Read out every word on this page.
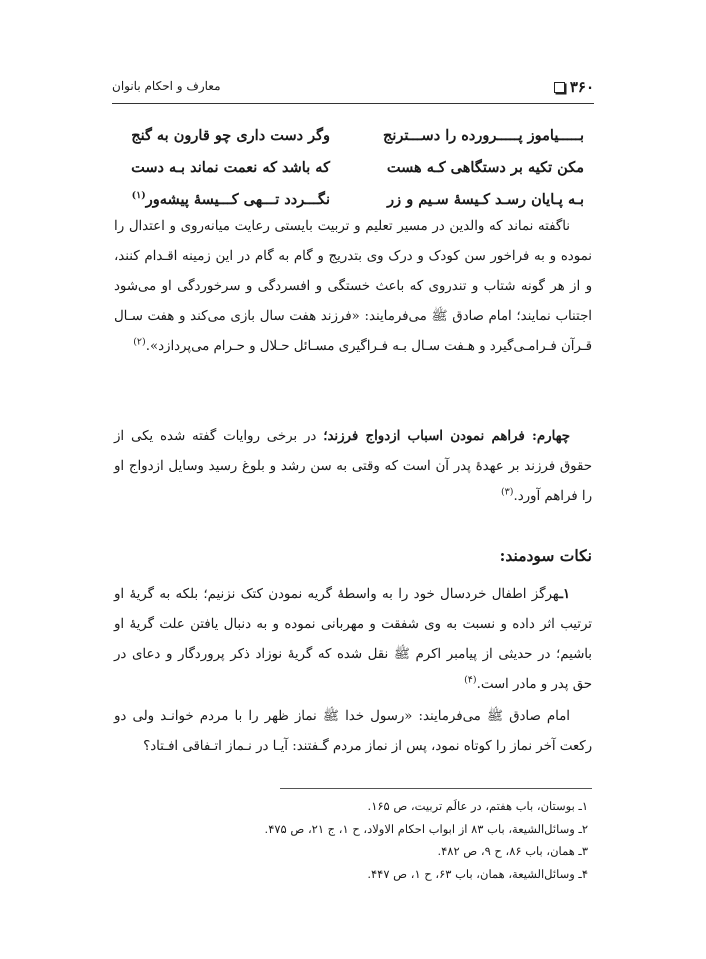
۳۶۰
معارف و احکام بانوان
بـــــیاموز پـــــرورده را دســـترنج
وگر دست داری چو قارون به گنج
مکن تکیه بر دستگاهی کـه هست
که باشد که نعمت نماند بـه دست
بـه پـایان رسـد کـیسهٔ سـیم و زر
نگـــردد تـــهی کـــیسهٔ پیشه‌ور$^{(۱)}$

ناگفته نماند که والدین در مسیر تعلیم و تربیت بایستی رعایت میانه‌روی و اعتدال را نموده و به فراخور سن کودک و درک وی بتدریج و گام به گام در این زمینه اقـدام کنند، و از هر گونه شتاب و تندروی که باعث خستگی و افسردگی و سرخوردگی او می‌شود اجتناب نمایند؛ امام صادق ﷺ می‌فرمایند: «فرزند هفت سال بازی می‌کند و هفت سـال قـرآن فـرامـی‌گیرد و هـفت سـال بـه فـراگیری مسـائل حـلال و حـرام می‌پردازد».$^{(۲)}$

چهارم: فراهم نمودن اسباب ازدواج فرزند؛ در برخی روایات گفته شده یکی از حقوق فرزند بر عهدهٔ پدر آن است که وقتی به سن رشد و بلوغ رسید وسایل ازدواج او را فراهم آورد.$^{(۳)}$

نکات سودمند:

۱ـهرگز اطفال خردسال خود را به واسطهٔ گریه نمودن کتک نزنیم؛ بلکه به گریهٔ او ترتیب اثر داده و نسبت به وی شفقت و مهربانی نموده و به دنبال یافتن علت گریهٔ او باشیم؛ در حدیثی از پیامبر اکرم ﷺ نقل شده که گریهٔ نوزاد ذکر پروردگار و دعای در حق پدر و مادر است.$^{(۴)}$

امام صادق ﷺ می‌فرمایند: «رسول خدا ﷺ نماز ظهر را با مردم خوانـد ولی دو رکعت آخر نماز را کوتاه نمود، پس از نماز مردم گـفتند: آیـا در نـماز اتـفاقی افـتاد؟

۱ـ بوستان، باب هفتم، در عالَم تربیت، ص ۱۶۵.
۲ـ وسائل‌الشیعة، باب ۸۳ از ابواب احکام الاولاد، ح ۱، ج ۲۱، ص ۴۷۵.
۳ـ همان، باب ۸۶، ح ۹، ص ۴۸۲.
۴ـ وسائل‌الشیعة، همان، باب ۶۳، ح ۱، ص ۴۴۷.
